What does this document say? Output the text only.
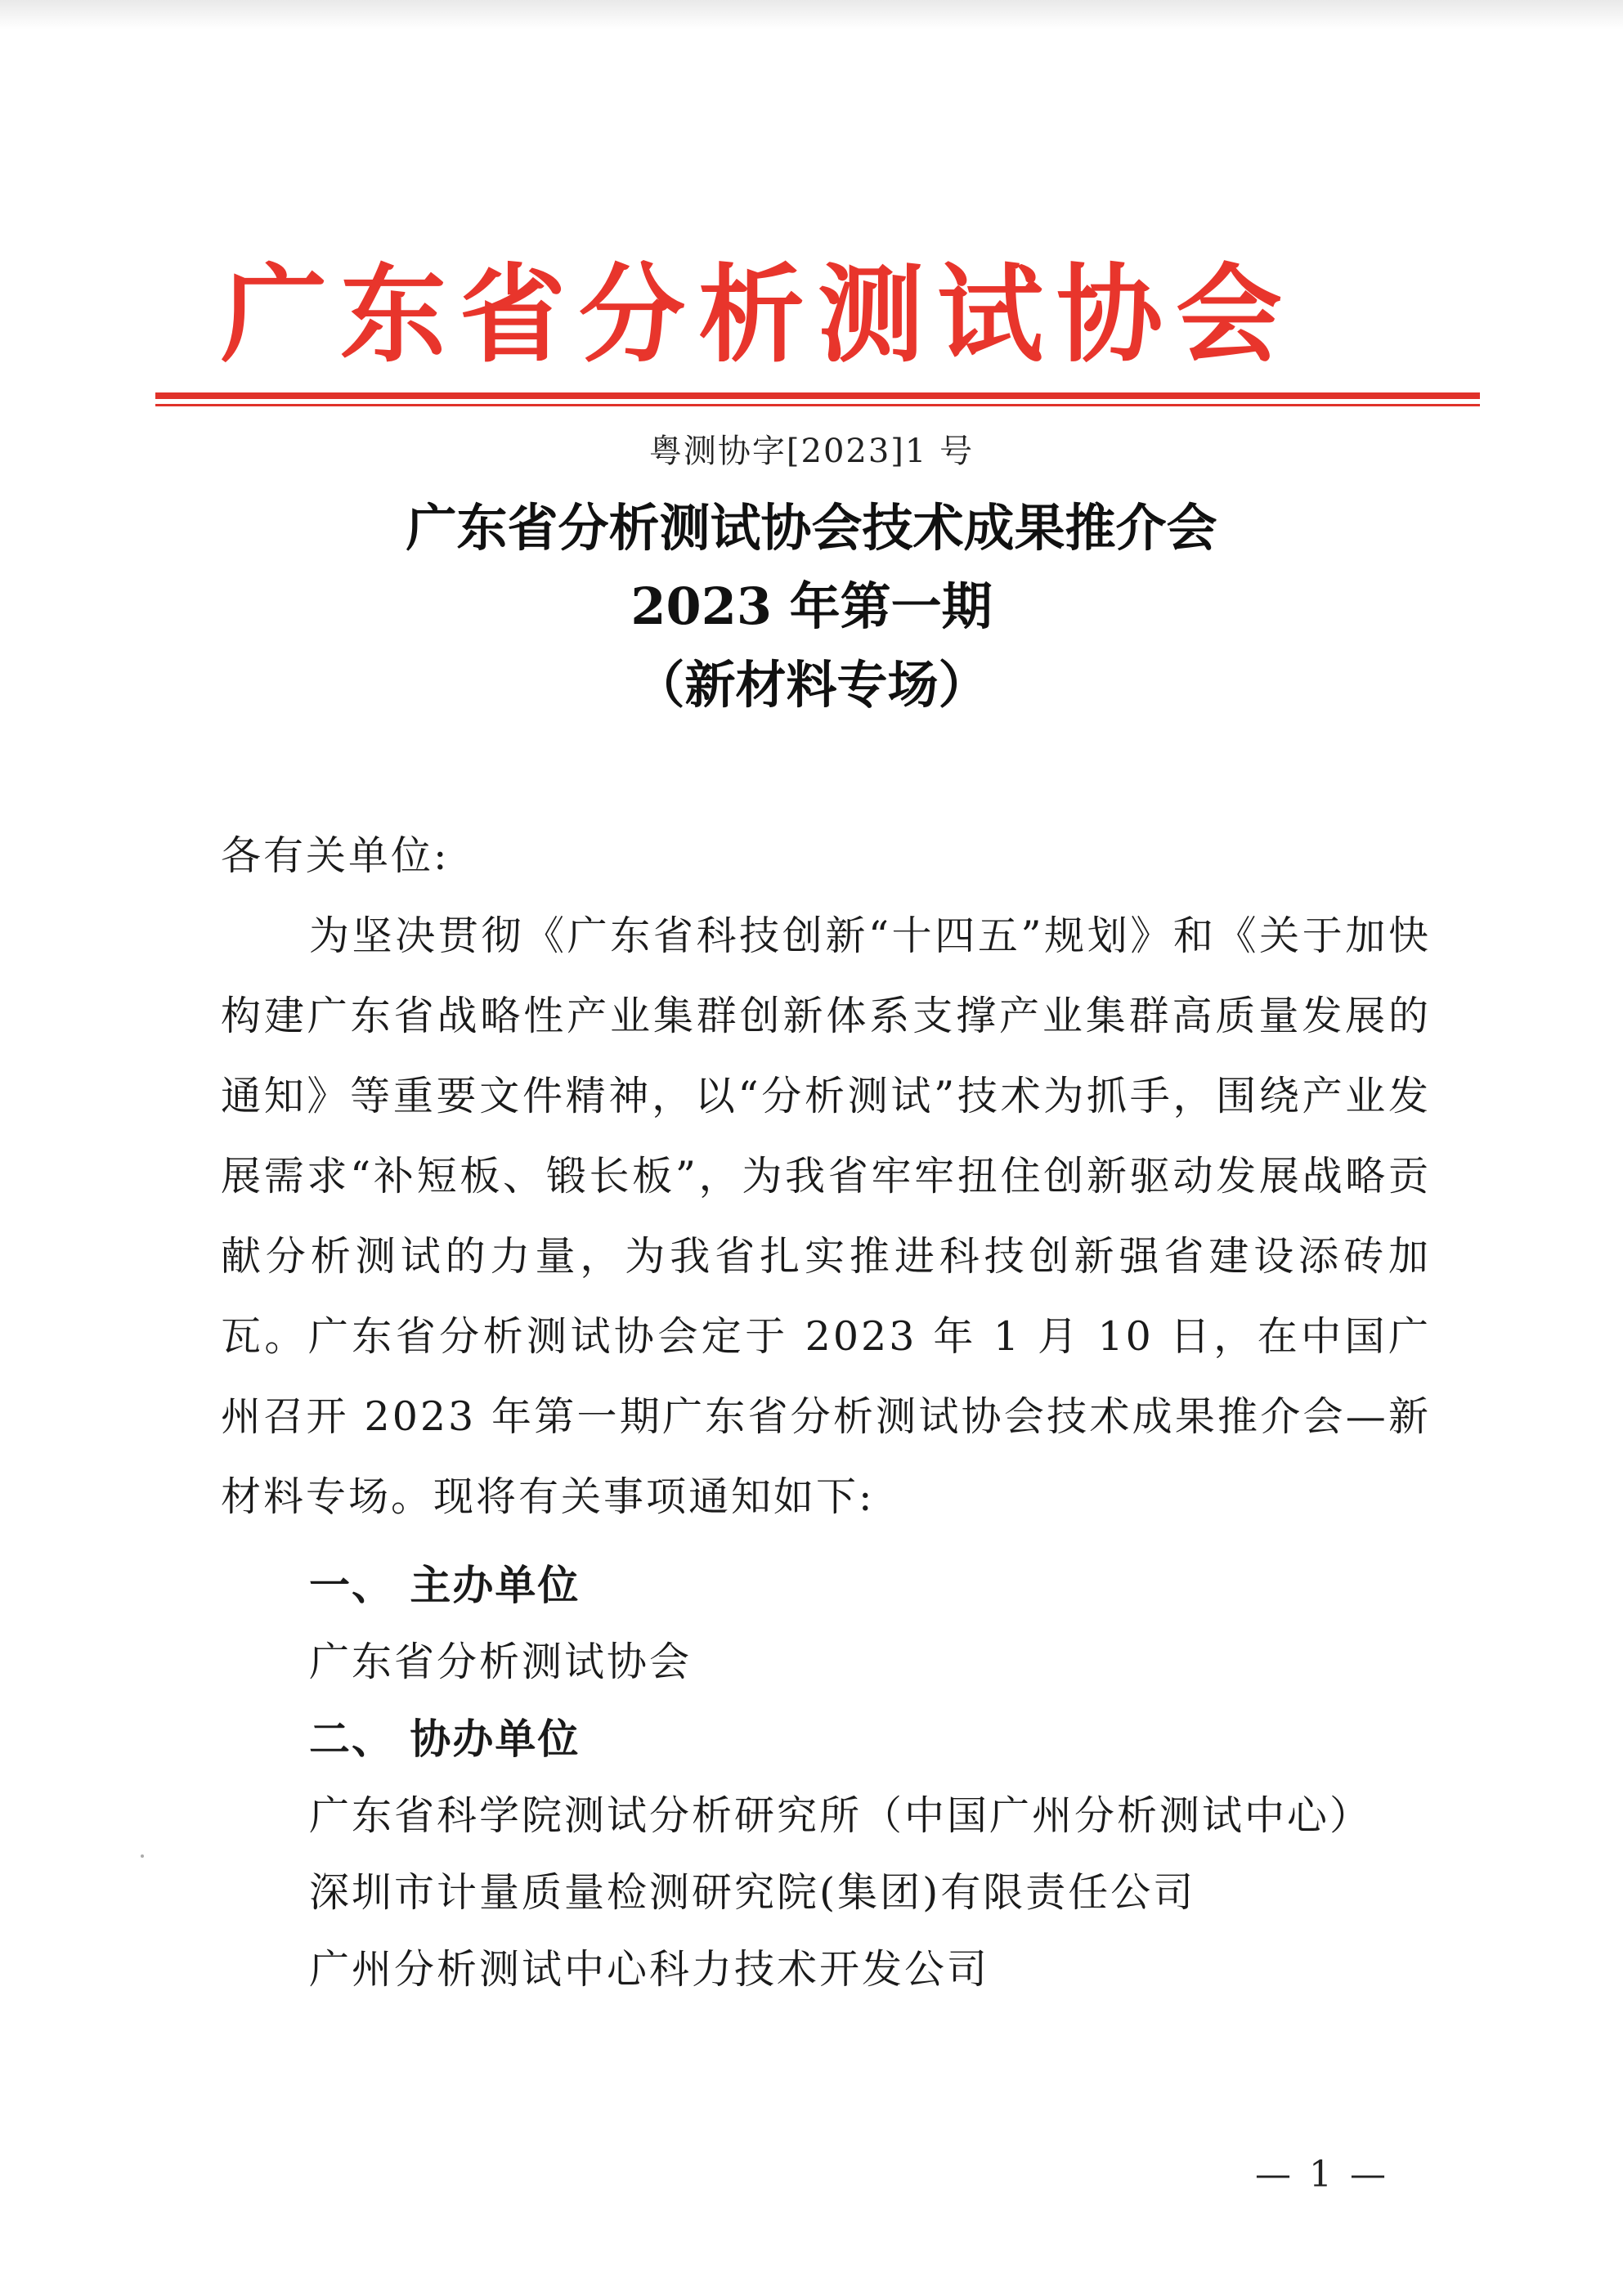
广东省分析测试协会
粤测协字[2023]1 号
广东省分析测试协会技术成果推介会
2023 年第一期
（新材料专场）
各有关单位:
为坚决贯彻《广东省科技创新“十四五”规划》和《关于加快构建广东省战略性产业集群创新体系支撑产业集群高质量发展的通知》等重要文件精神，以“分析测试”技术为抓手，围绕产业发展需求“补短板、锻长板”，为我省牢牢扭住创新驱动发展战略贡献分析测试的力量，为我省扎实推进科技创新强省建设添砖加瓦。广东省分析测试协会定于 2023 年 1 月 10 日，在中国广州召开 2023 年第一期广东省分析测试协会技术成果推介会—新材料专场。现将有关事项通知如下:
一、 主办单位
广东省分析测试协会
二、 协办单位
广东省科学院测试分析研究所（中国广州分析测试中心）
深圳市计量质量检测研究院(集团)有限责任公司
广州分析测试中心科力技术开发公司
— 1 —
